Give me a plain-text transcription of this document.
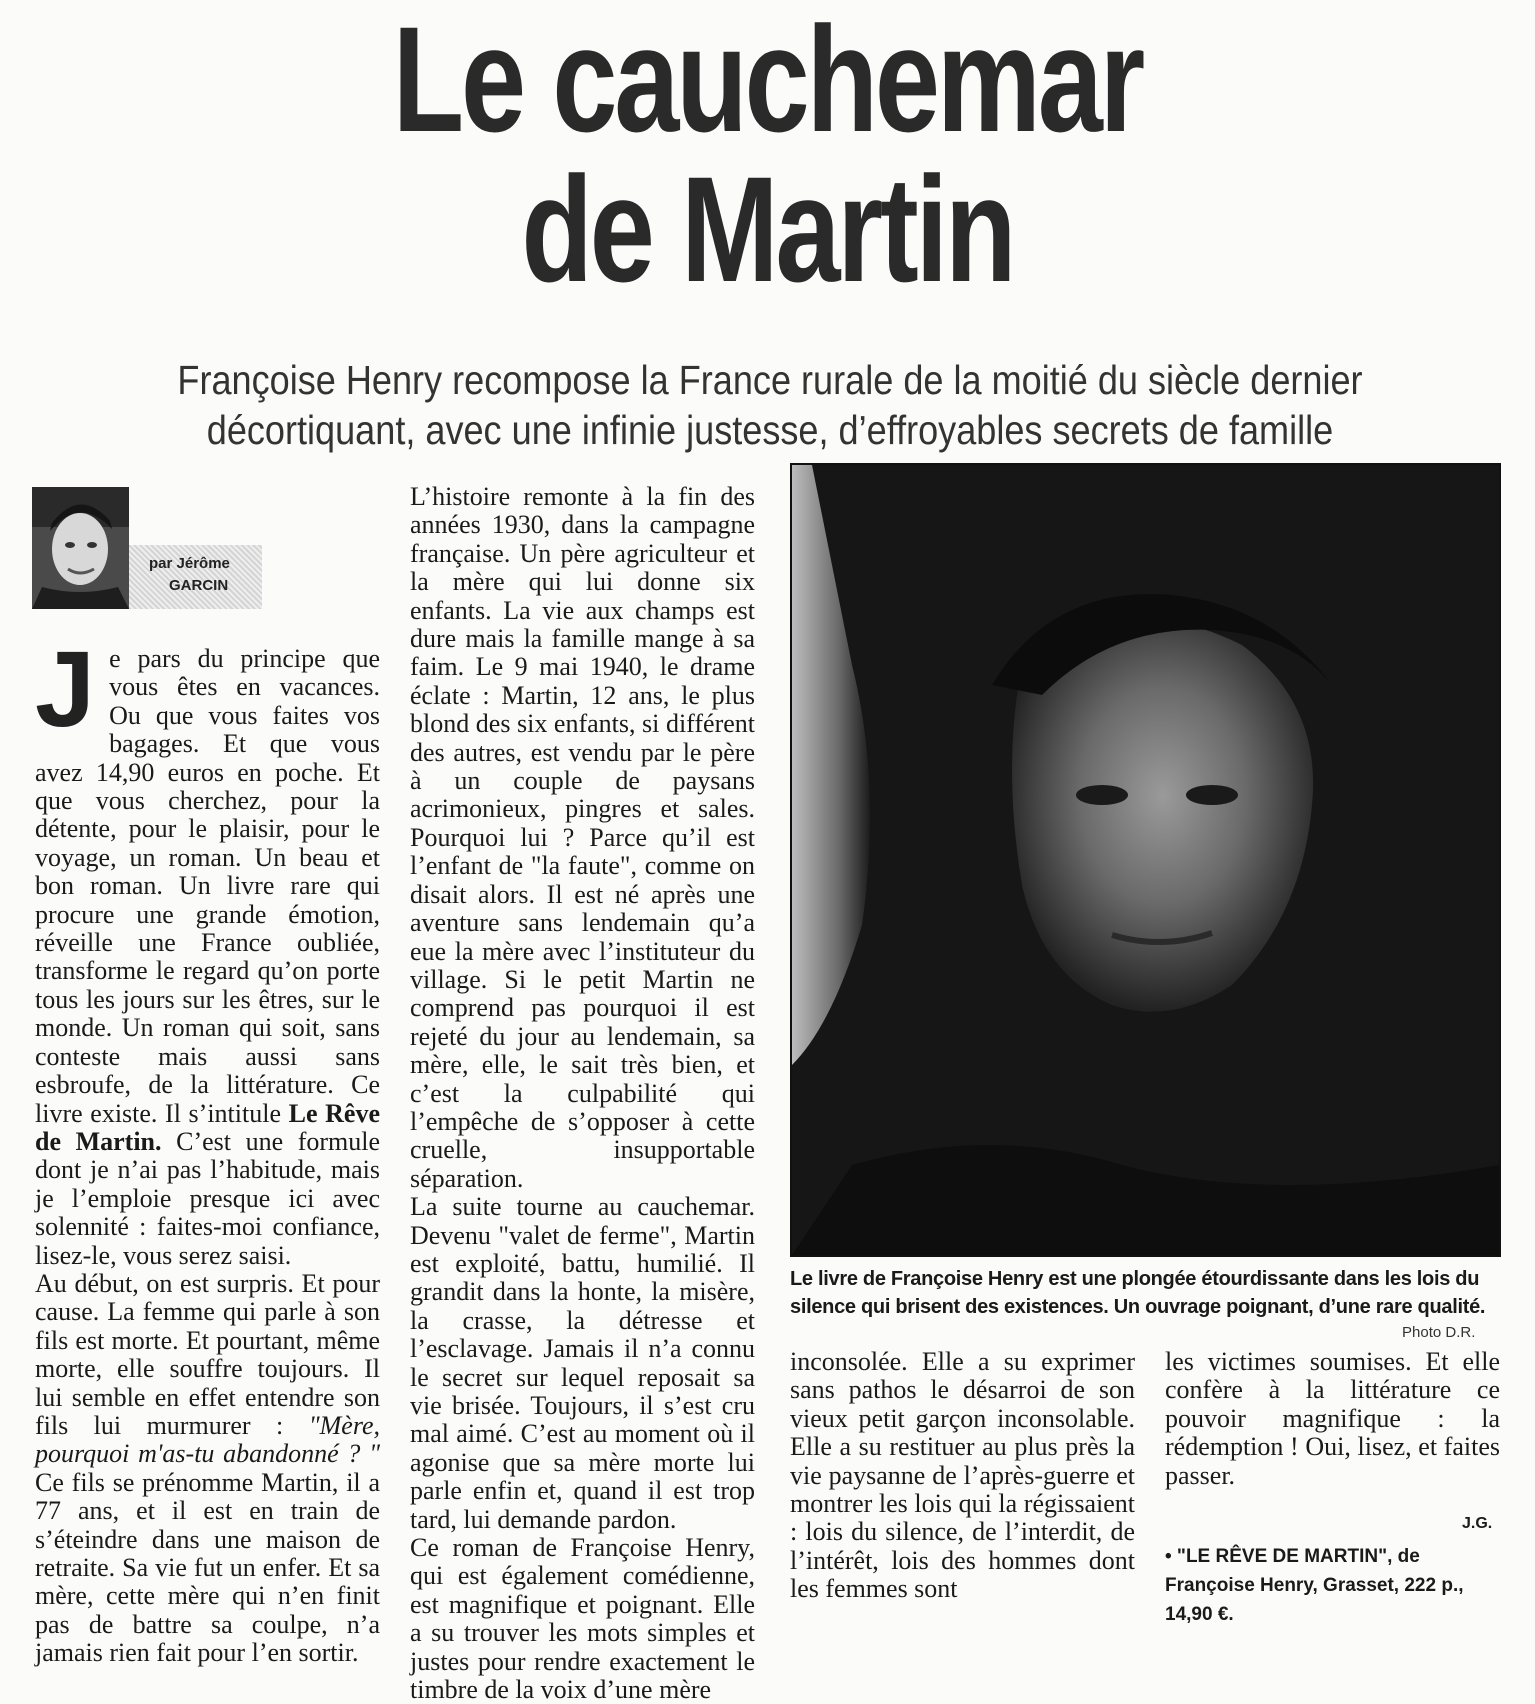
Le cauchemar
de Martin
Françoise Henry recompose la France rurale de la moitié du siècle dernier
décortiquant, avec une infinie justesse, d’effroyables secrets de famille
par Jérôme
GARCIN

Je pars du principe que vous êtes en vacances. Ou que vous faites vos bagages. Et que vous avez 14,90 euros en poche. Et que vous cherchez, pour la détente, pour le plaisir, pour le voyage, un roman. Un beau et bon roman. Un livre rare qui procure une grande émotion, réveille une France oubliée, transforme le regard qu’on porte tous les jours sur les êtres, sur le monde. Un roman qui soit, sans conteste mais aussi sans esbroufe, de la littérature. Ce livre existe. Il s’intitule Le Rêve de Martin. C’est une formule dont je n’ai pas l’habitude, mais je l’emploie presque ici avec solennité : faites-moi confiance, lisez-le, vous serez saisi.

Au début, on est surpris. Et pour cause. La femme qui parle à son fils est morte. Et pourtant, même morte, elle souffre toujours. Il lui semble en effet entendre son fils lui murmurer : "Mère, pourquoi m'as-tu abandonné ? " Ce fils se prénomme Martin, il a 77 ans, et il est en train de s’éteindre dans une maison de retraite. Sa vie fut un enfer. Et sa mère, cette mère qui n’en finit pas de battre sa coulpe, n’a jamais rien fait pour l’en sortir.

L’histoire remonte à la fin des années 1930, dans la campagne française. Un père agriculteur et la mère qui lui donne six enfants. La vie aux champs est dure mais la famille mange à sa faim. Le 9 mai 1940, le drame éclate : Martin, 12 ans, le plus blond des six enfants, si différent des autres, est vendu par le père à un couple de paysans acrimonieux, pingres et sales. Pourquoi lui ? Parce qu’il est l’enfant de "la faute", comme on disait alors. Il est né après une aventure sans lendemain qu’a eue la mère avec l’instituteur du village. Si le petit Martin ne comprend pas pourquoi il est rejeté du jour au lendemain, sa mère, elle, le sait très bien, et c’est la culpabilité qui l’empêche de s’opposer à cette cruelle, insupportable séparation.

La suite tourne au cauchemar. Devenu "valet de ferme", Martin est exploité, battu, humilié. Il grandit dans la honte, la misère, la crasse, la détresse et l’esclavage. Jamais il n’a connu le secret sur lequel reposait sa vie brisée. Toujours, il s’est cru mal aimé. C’est au moment où il agonise que sa mère morte lui parle enfin et, quand il est trop tard, lui demande pardon.

Ce roman de Françoise Henry, qui est également comédienne, est magnifique et poignant. Elle a su trouver les mots simples et justes pour rendre exactement le timbre de la voix d’une mère

Le livre de Françoise Henry est une plongée étourdissante dans les lois du silence qui brisent des existences. Un ouvrage poignant, d’une rare qualité.
Photo D.R.

inconsolée. Elle a su exprimer sans pathos le désarroi de son vieux petit garçon inconsolable. Elle a su restituer au plus près la vie paysanne de l’après-guerre et montrer les lois qui la régissaient : lois du silence, de l’interdit, de l’intérêt, lois des hommes dont les femmes sont

les victimes soumises. Et elle confère à la littérature ce pouvoir magnifique : la rédemption ! Oui, lisez, et faites passer.

J.G.
• "LE RÊVE DE MARTIN", de Françoise Henry, Grasset, 222 p., 14,90 €.
